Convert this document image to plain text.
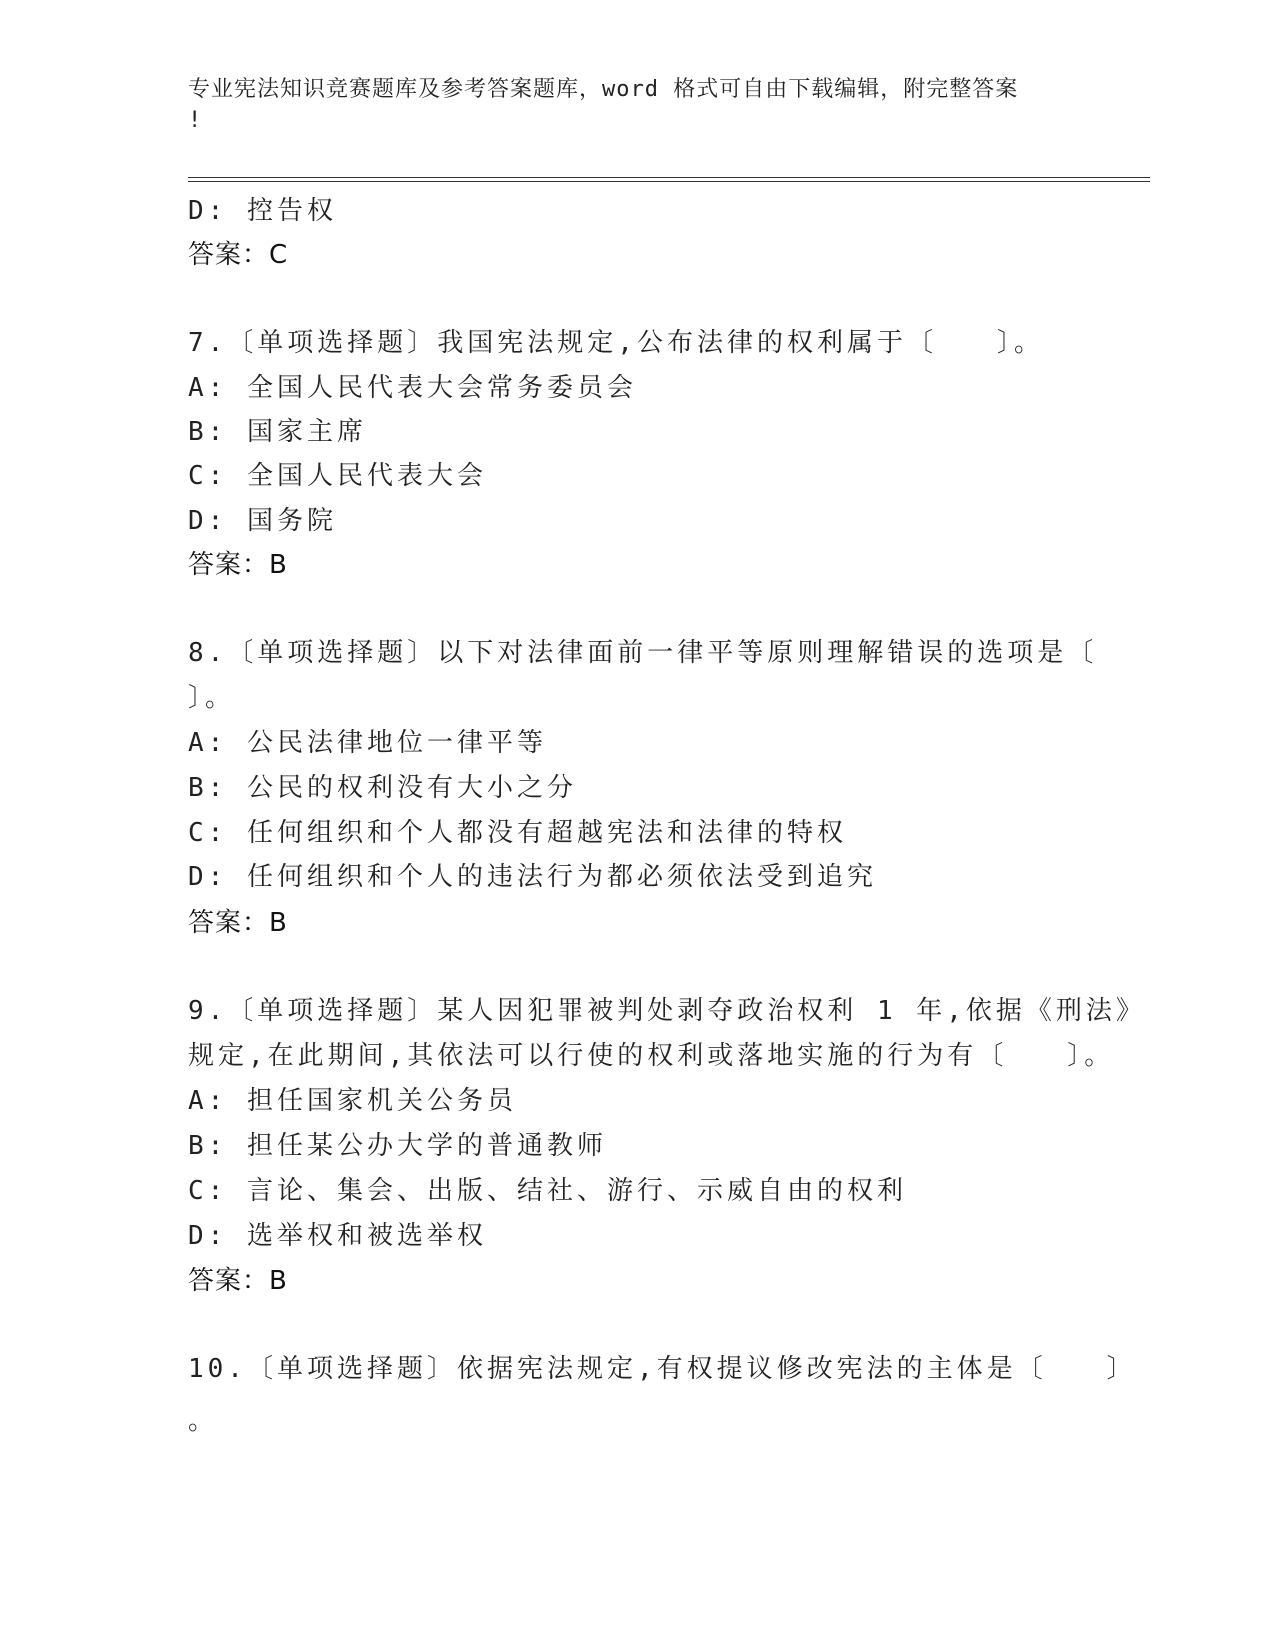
专业宪法知识竞赛题库及参考答案题库，word 格式可自由下载编辑，附完整答案
!
D: 控告权
答案：C
7.〔单项选择题〕我国宪法规定,公布法律的权利属于〔　　〕。
A: 全国人民代表大会常务委员会
B: 国家主席
C: 全国人民代表大会
D: 国务院
答案：B
8.〔单项选择题〕以下对法律面前一律平等原则理解错误的选项是〔
〕。
A: 公民法律地位一律平等
B: 公民的权利没有大小之分
C: 任何组织和个人都没有超越宪法和法律的特权
D: 任何组织和个人的违法行为都必须依法受到追究
答案：B
9.〔单项选择题〕某人因犯罪被判处剥夺政治权利 1 年,依据《刑法》
规定,在此期间,其依法可以行使的权利或落地实施的行为有〔　　〕。
A: 担任国家机关公务员
B: 担任某公办大学的普通教师
C: 言论、集会、出版、结社、游行、示威自由的权利
D: 选举权和被选举权
答案：B
10.〔单项选择题〕依据宪法规定,有权提议修改宪法的主体是〔　　〕
。
